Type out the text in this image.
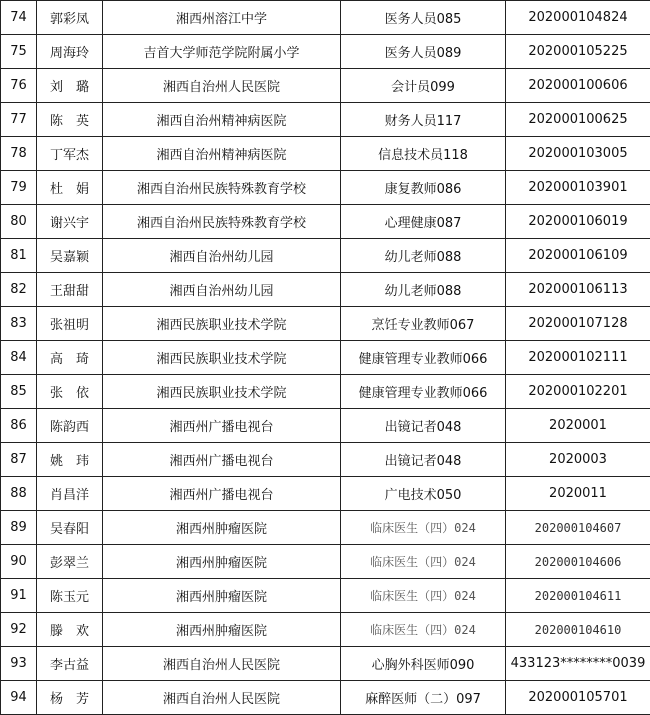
74	郭彩凤	湘西州溶江中学	医务人员085	202000104824
75	周海玲	吉首大学师范学院附属小学	医务人员089	202000105225
76	刘　璐	湘西自治州人民医院	会计员099	202000100606
77	陈　英	湘西自治州精神病医院	财务人员117	202000100625
78	丁军杰	湘西自治州精神病医院	信息技术员118	202000103005
79	杜　娟	湘西自治州民族特殊教育学校	康复教师086	202000103901
80	谢兴宇	湘西自治州民族特殊教育学校	心理健康087	202000106019
81	吴嘉颖	湘西自治州幼儿园	幼儿老师088	202000106109
82	王甜甜	湘西自治州幼儿园	幼儿老师088	202000106113
83	张祖明	湘西民族职业技术学院	烹饪专业教师067	202000107128
84	高　琦	湘西民族职业技术学院	健康管理专业教师066	202000102111
85	张　依	湘西民族职业技术学院	健康管理专业教师066	202000102201
86	陈韵西	湘西州广播电视台	出镜记者048	2020001
87	姚　玮	湘西州广播电视台	出镜记者048	2020003
88	肖昌洋	湘西州广播电视台	广电技术050	2020011
89	吴春阳	湘西州肿瘤医院	临床医生（四）024	202000104607
90	彭翠兰	湘西州肿瘤医院	临床医生（四）024	202000104606
91	陈玉元	湘西州肿瘤医院	临床医生（四）024	202000104611
92	滕　欢	湘西州肿瘤医院	临床医生（四）024	202000104610
93	李古益	湘西自治州人民医院	心胸外科医师090	433123********0039
94	杨　芳	湘西自治州人民医院	麻醉医师（二）097	202000105701
